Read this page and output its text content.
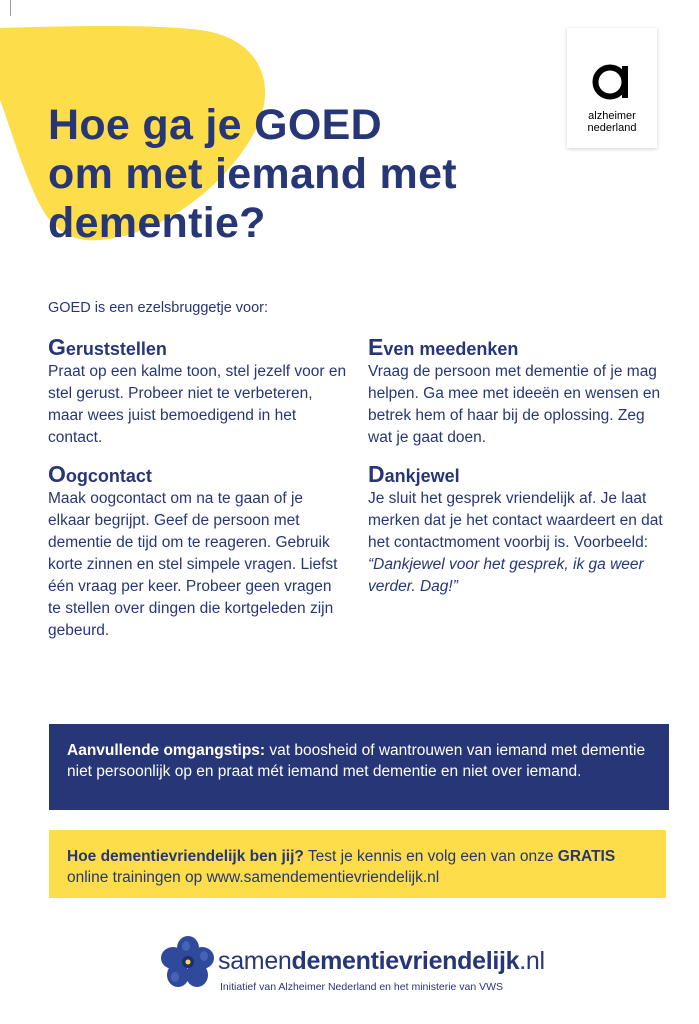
alzheimer
nederland
Hoe ga je GOED
om met iemand met
dementie?
GOED is een ezelsbruggetje voor:
Geruststellen

Praat op een kalme toon, stel jezelf voor en stel gerust. Probeer niet te verbeteren, maar wees juist bemoedigend in het contact.

Oogcontact

Maak oogcontact om na te gaan of je elkaar begrijpt. Geef de persoon met dementie de tijd om te reageren. Gebruik korte zinnen en stel simpele vragen. Liefst één vraag per keer. Probeer geen vragen te stellen over dingen die kortgeleden zijn gebeurd.

Even meedenken

Vraag de persoon met dementie of je mag helpen. Ga mee met ideeën en wensen en betrek hem of haar bij de oplossing. Zeg wat je gaat doen.

Dankjewel

Je sluit het gesprek vriendelijk af. Je laat merken dat je het contact waardeert en dat het contactmoment voorbij is. Voorbeeld: “Dankjewel voor het gesprek, ik ga weer verder. Dag!”

Aanvullende omgangstips: vat boosheid of wantrouwen van iemand met dementie niet persoonlijk op en praat mét iemand met dementie en niet over iemand.
Hoe dementievriendelijk ben jij? Test je kennis en volg een van onze GRATIS online trainingen op www.samendementievriendelijk.nl
samendementievriendelijk.nl
Initiatief van Alzheimer Nederland en het ministerie van VWS
